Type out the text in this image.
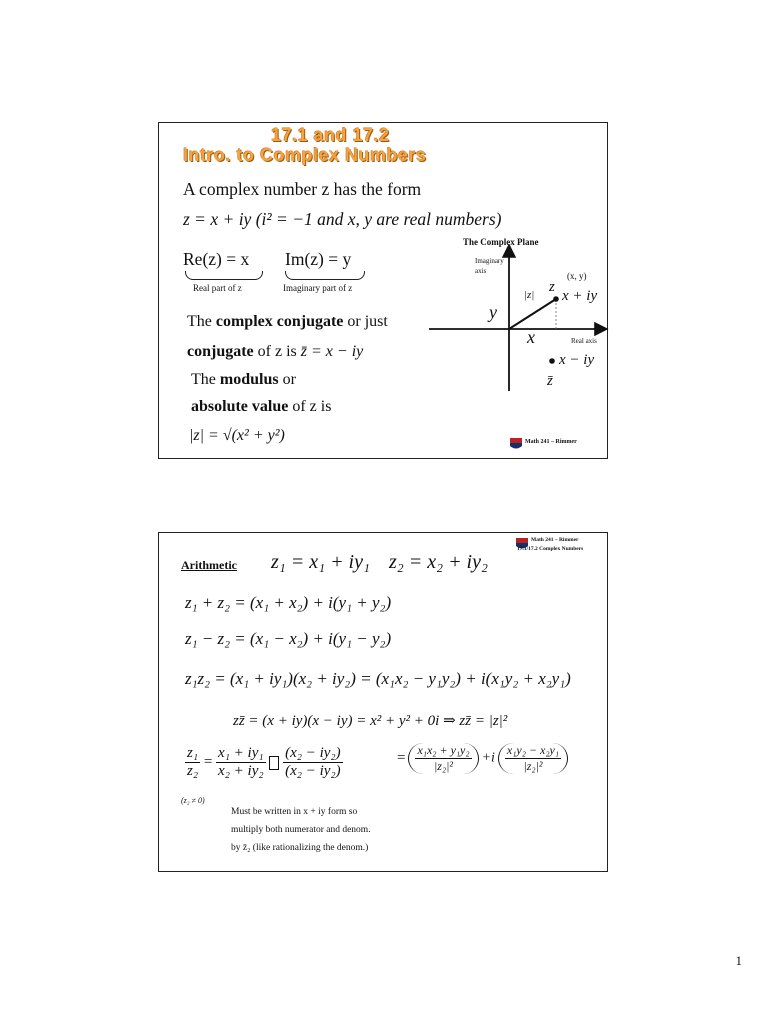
17.1 and 17.2
Intro. to Complex Numbers
A complex number z has the form
z = x + iy (i² = −1 and x, y are real numbers)
Re(z) = x
Real part of z
Im(z) = y
Imaginary part of z
The complex conjugate or just
conjugate of z is z̄ = x − iy
The modulus or
absolute value of z is
|z| = √(x² + y²)
The Complex Plane
Imaginary axis
Real axis
(x, y)
z
x + iy
|z|
y
x
x − iy
z̄
Math 241 – Rimmer
Math 241 – Rimmer
17.1/17.2 Complex Numbers
Arithmetic z₁ = x₁ + iy₁ z₂ = x₂ + iy₂
z₁ + z₂ = (x₁ + x₂) + i(y₁ + y₂)
z₁ − z₂ = (x₁ − x₂) + i(y₁ − y₂)
z₁z₂ = (x₁ + iy₁)(x₂ + iy₂) = (x₁x₂ − y₁y₂) + i(x₁y₂ + x₂y₁)
zz̄ = (x + iy)(x − iy) = x² + y² + 0i ⇒ zz̄ = |z|²
$\frac{\text{z₁}}{\text{z₂}} = \frac{\text{x₁ + iy₁}}{\text{x₂ + iy₂}}$
$\frac{\text{(x₂ − iy₂)}}{\text{(x₂ − iy₂)}}$	= $\frac{\text{x₁x₂ + y₁y₂}}{\text{|z₂|²}} +i \frac{\text{x₁y₂ − x₂y₁}}{\text{|z₂|²}}$
(z₂ ≠ 0)
Must be written in x + iy form so
multiply both numerator and denom.
by z̄₂ (like rationalizing the denom.)
1
